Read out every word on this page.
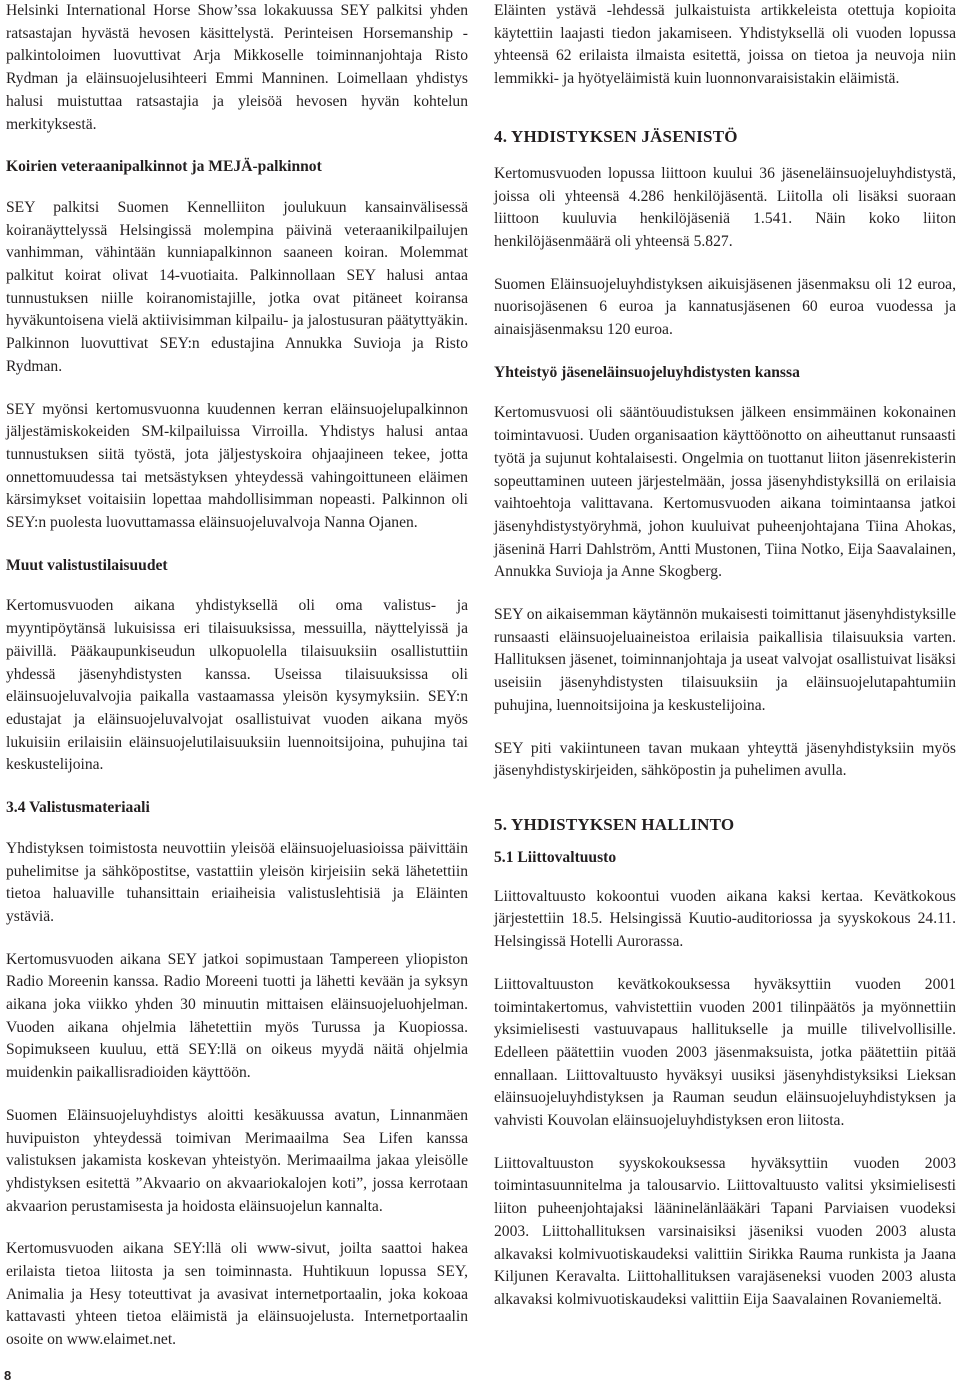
Helsinki International Horse Show’ssa lokakuussa SEY palkitsi yhden ratsastajan hyvästä hevosen käsittelystä. Perinteisen Horsemanship -palkintoloimen luovuttivat Arja Mikkoselle toiminnanjohtaja Risto Rydman ja eläinsuojelusihteeri Emmi Manninen. Loimellaan yhdistys halusi muistuttaa ratsastajia ja yleisöä hevosen hyvän kohtelun merkityksestä.

Koirien veteraanipalkinnot ja MEJÄ-palkinnot

SEY palkitsi Suomen Kennelliiton joulukuun kansainvälisessä koiranäyttelyssä Helsingissä molempina päivinä veteraanikilpailujen vanhimman, vähintään kunniapalkinnon saaneen koiran. Molemmat palkitut koirat olivat 14-vuotiaita. Palkinnollaan SEY halusi antaa tunnustuksen niille koiranomistajille, jotka ovat pitäneet koiransa hyväkuntoisena vielä aktiivisimman kilpailu- ja jalostusuran päätyttyäkin. Palkinnon luovuttivat SEY:n edustajina Annukka Suvioja ja Risto Rydman.

SEY myönsi kertomusvuonna kuudennen kerran eläinsuojelupalkinnon jäljestämiskokeiden SM-kilpailuissa Virroilla. Yhdistys halusi antaa tunnustuksen siitä työstä, jota jäljestyskoira ohjaajineen tekee, jotta onnettomuudessa tai metsästyksen yhteydessä vahingoittuneen eläimen kärsimykset voitaisiin lopettaa mahdollisimman nopeasti. Palkinnon oli SEY:n puolesta luovuttamassa eläinsuojeluvalvoja Nanna Ojanen.

Muut valistustilaisuudet

Kertomusvuoden aikana yhdistyksellä oli oma valistus- ja myyntipöytänsä lukuisissa eri tilaisuuksissa, messuilla, näyttelyissä ja päivillä. Pääkaupunkiseudun ulkopuolella tilaisuuksiin osallistuttiin yhdessä jäsenyhdistysten kanssa. Useissa tilaisuuksissa oli eläinsuojeluvalvojia paikalla vastaamassa yleisön kysymyksiin. SEY:n edustajat ja eläinsuojeluvalvojat osallistuivat vuoden aikana myös lukuisiin erilaisiin eläinsuojelutilaisuuksiin luennoitsijoina, puhujina tai keskustelijoina.

3.4 Valistusmateriaali

Yhdistyksen toimistosta neuvottiin yleisöä eläinsuojeluasioissa päivittäin puhelimitse ja sähköpostitse, vastattiin yleisön kirjeisiin sekä lähetettiin tietoa haluaville tuhansittain eriaiheisia valistuslehtisiä ja Eläinten ystäviä.

Kertomusvuoden aikana SEY jatkoi sopimustaan Tampereen yliopiston Radio Moreenin kanssa. Radio Moreeni tuotti ja lähetti kevään ja syksyn aikana joka viikko yhden 30 minuutin mittaisen eläinsuojeluohjelman. Vuoden aikana ohjelmia lähetettiin myös Turussa ja Kuopiossa. Sopimukseen kuuluu, että SEY:llä on oikeus myydä näitä ohjelmia muidenkin paikallisradioiden käyttöön.

Suomen Eläinsuojeluyhdistys aloitti kesäkuussa avatun, Linnanmäen huvipuiston yhteydessä toimivan Merimaailma Sea Lifen kanssa valistuksen jakamista koskevan yhteistyön. Merimaailma jakaa yleisölle yhdistyksen esitettä ”Akvaario on akvaariokalojen koti”, jossa kerrotaan akvaarion perustamisesta ja hoidosta eläinsuojelun kannalta.

Kertomusvuoden aikana SEY:llä oli www-sivut, joilta saattoi hakea erilaista tietoa liitosta ja sen toiminnasta. Huhtikuun lopussa SEY, Animalia ja Hesy toteuttivat ja avasivat internetportaalin, joka kokoaa kattavasti yhteen tietoa eläimistä ja eläinsuojelusta. Internetportaalin osoite on www.elaimet.net.

Eläinten ystävä -lehdessä julkaistuista artikkeleista otettuja kopioita käytettiin laajasti tiedon jakamiseen. Yhdistyksellä oli vuoden lopussa yhteensä 62 erilaista ilmaista esitettä, joissa on tietoa ja neuvoja niin lemmikki- ja hyötyeläimistä kuin luonnonvaraisistakin eläimistä.

4. YHDISTYKSEN JÄSENISTÖ

Kertomusvuoden lopussa liittoon kuului 36 jäseneläinsuojeluyhdistystä, joissa oli yhteensä 4.286 henkilöjäsentä. Liitolla oli lisäksi suoraan liittoon kuuluvia henkilöjäseniä 1.541. Näin koko liiton henkilöjäsenmäärä oli yhteensä 5.827.

Suomen Eläinsuojeluyhdistyksen aikuisjäsenen jäsenmaksu oli 12 euroa, nuorisojäsenen 6 euroa ja kannatusjäsenen 60 euroa vuodessa ja ainaisjäsenmaksu 120 euroa.

Yhteistyö jäseneläinsuojeluyhdistysten kanssa

Kertomusvuosi oli sääntöuudistuksen jälkeen ensimmäinen kokonainen toimintavuosi. Uuden organisaation käyttöönotto on aiheuttanut runsaasti työtä ja sujunut kohtalaisesti. Ongelmia on tuottanut liiton jäsenrekisterin sopeuttaminen uuteen järjestelmään, jossa jäsenyhdistyksillä on erilaisia vaihtoehtoja valittavana. Kertomusvuoden aikana toimintaansa jatkoi jäsenyhdistystyöryhmä, johon kuuluivat puheenjohtajana Tiina Ahokas, jäseninä Harri Dahlström, Antti Mustonen, Tiina Notko, Eija Saavalainen, Annukka Suvioja ja Anne Skogberg.

SEY on aikaisemman käytännön mukaisesti toimittanut jäsenyhdistyksille runsaasti eläinsuojeluaineistoa erilaisia paikallisia tilaisuuksia varten. Hallituksen jäsenet, toiminnanjohtaja ja useat valvojat osallistuivat lisäksi useisiin jäsenyhdistysten tilaisuuksiin ja eläinsuojelutapahtumiin puhujina, luennoitsijoina ja keskustelijoina.

SEY piti vakiintuneen tavan mukaan yhteyttä jäsenyhdistyksiin myös jäsenyhdistyskirjeiden, sähköpostin ja puhelimen avulla.

5. YHDISTYKSEN HALLINTO
5.1 Liittovaltuusto

Liittovaltuusto kokoontui vuoden aikana kaksi kertaa. Kevätkokous järjestettiin 18.5. Helsingissä Kuutio-auditoriossa ja syyskokous 24.11. Helsingissä Hotelli Aurorassa.

Liittovaltuuston kevätkokouksessa hyväksyttiin vuoden 2001 toimintakertomus, vahvistettiin vuoden 2001 tilinpäätös ja myönnettiin yksimielisesti vastuuvapaus hallitukselle ja muille tilivelvollisille. Edelleen päätettiin vuoden 2003 jäsenmaksuista, jotka päätettiin pitää ennallaan. Liittovaltuusto hyväksyi uusiksi jäsenyhdistyksiksi Lieksan eläinsuojeluyhdistyksen ja Rauman seudun eläinsuojeluyhdistyksen ja vahvisti Kouvolan eläinsuojeluyhdistyksen eron liitosta.

Liittovaltuuston syyskokouksessa hyväksyttiin vuoden 2003 toimintasuunnitelma ja talousarvio. Liittovaltuusto valitsi yksimielisesti liiton puheenjohtajaksi lääninelänlääkäri Tapani Parviaisen vuodeksi 2003. Liittohallituksen varsinaisiksi jäseniksi vuoden 2003 alusta alkavaksi kolmivuotiskaudeksi valittiin Sirikka Rauma runkista ja Jaana Kiljunen Keravalta. Liittohallituksen varajäseneksi vuoden 2003 alusta alkavaksi kolmivuotiskaudeksi valittiin Eija Saavalainen Rovaniemeltä.

8
